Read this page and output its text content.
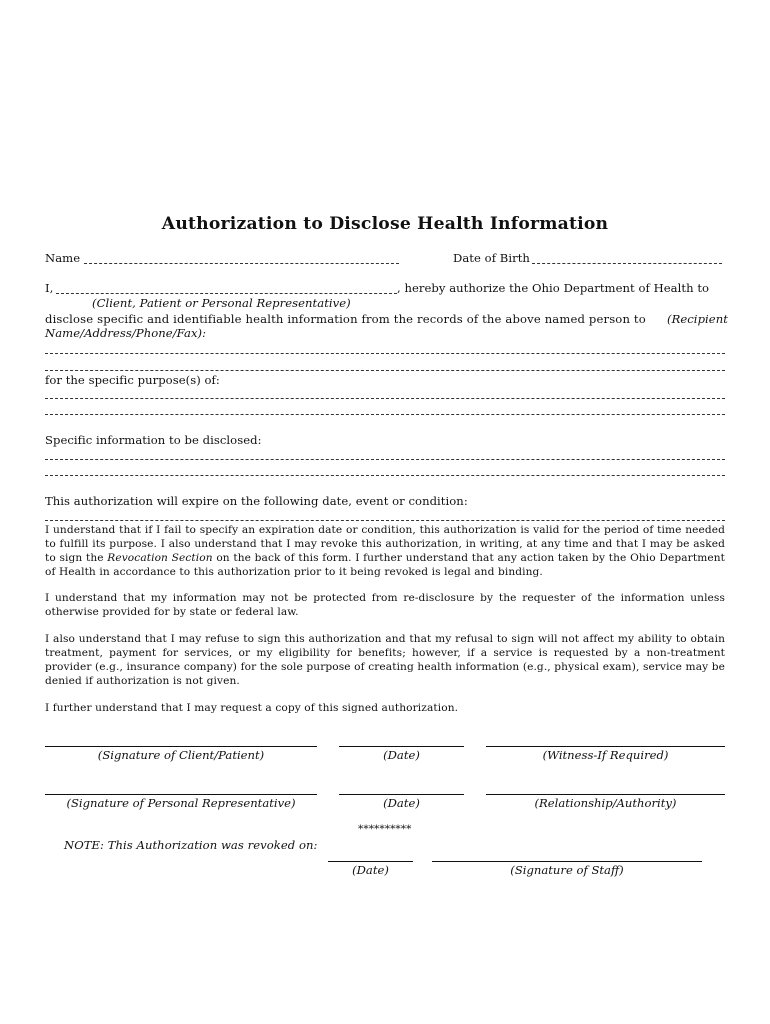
Authorization to Disclose Health Information
Name	Date of Birth
I,	, hereby authorize the Ohio Department of Health to
(Client, Patient or Personal Representative)
disclose specific and identifiable health information from the records of the above named person to (Recipient
Name/Address/Phone/Fax):
for the specific purpose(s) of:
Specific information to be disclosed:
This authorization will expire on the following date, event or condition:
I understand that if I fail to specify an expiration date or condition, this authorization is valid for the period of time needed to fulfill its purpose. I also understand that I may revoke this authorization, in writing, at any time and that I may be asked to sign the Revocation Section on the back of this form. I further understand that any action taken by the Ohio Department of Health in accordance to this authorization prior to it being revoked is legal and binding.
I understand that my information may not be protected from re-disclosure by the requester of the information unless otherwise provided for by state or federal law.
I also understand that I may refuse to sign this authorization and that my refusal to sign will not affect my ability to obtain treatment, payment for services, or my eligibility for benefits; however, if a service is requested by a non-treatment provider (e.g., insurance company) for the sole purpose of creating health information (e.g., physical exam), service may be denied if authorization is not given.
I further understand that I may request a copy of this signed authorization.
(Signature of Client/Patient)	(Date)	(Witness-If Required)
(Signature of Personal Representative)	(Date)	(Relationship/Authority)
**********
NOTE: This Authorization was revoked on:
(Date)	(Signature of Staff)
